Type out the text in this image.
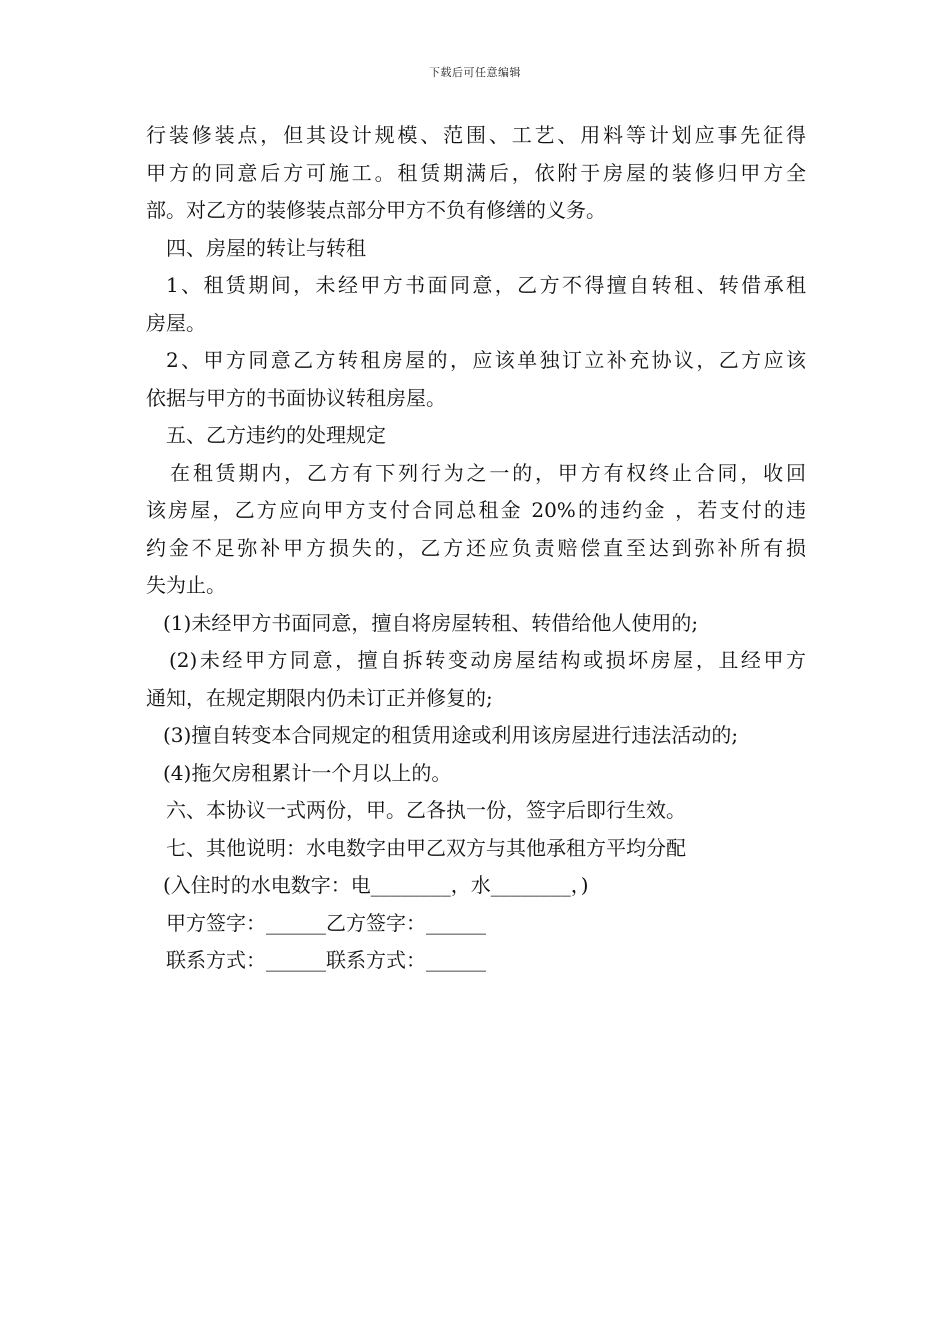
下载后可任意编辑
行装修装点，但其设计规模、范围、工艺、用料等计划应事先征得
甲方的同意后方可施工。租赁期满后，依附于房屋的装修归甲方全
部。对乙方的装修装点部分甲方不负有修缮的义务。
四、房屋的转让与转租
1、租赁期间，未经甲方书面同意，乙方不得擅自转租、转借承租
房屋。
2、甲方同意乙方转租房屋的，应该单独订立补充协议，乙方应该
依据与甲方的书面协议转租房屋。
五、乙方违约的处理规定
在租赁期内，乙方有下列行为之一的，甲方有权终止合同，收回
该房屋，乙方应向甲方支付合同总租金 20%的违约金 ，若支付的违
约金不足弥补甲方损失的，乙方还应负责赔偿直至达到弥补所有损
失为止。
(1)未经甲方书面同意，擅自将房屋转租、转借给他人使用的;
(2)未经甲方同意，擅自拆转变动房屋结构或损坏房屋，且经甲方
通知，在规定期限内仍未订正并修复的;
(3)擅自转变本合同规定的租赁用途或利用该房屋进行违法活动的;
(4)拖欠房租累计一个月以上的。
六、本协议一式两份，甲。乙各执一份，签字后即行生效。
七、其他说明：水电数字由甲乙双方与其他承租方平均分配
(入住时的水电数字：电________，水________，)
甲方签字：______乙方签字：______
联系方式：______联系方式：______
